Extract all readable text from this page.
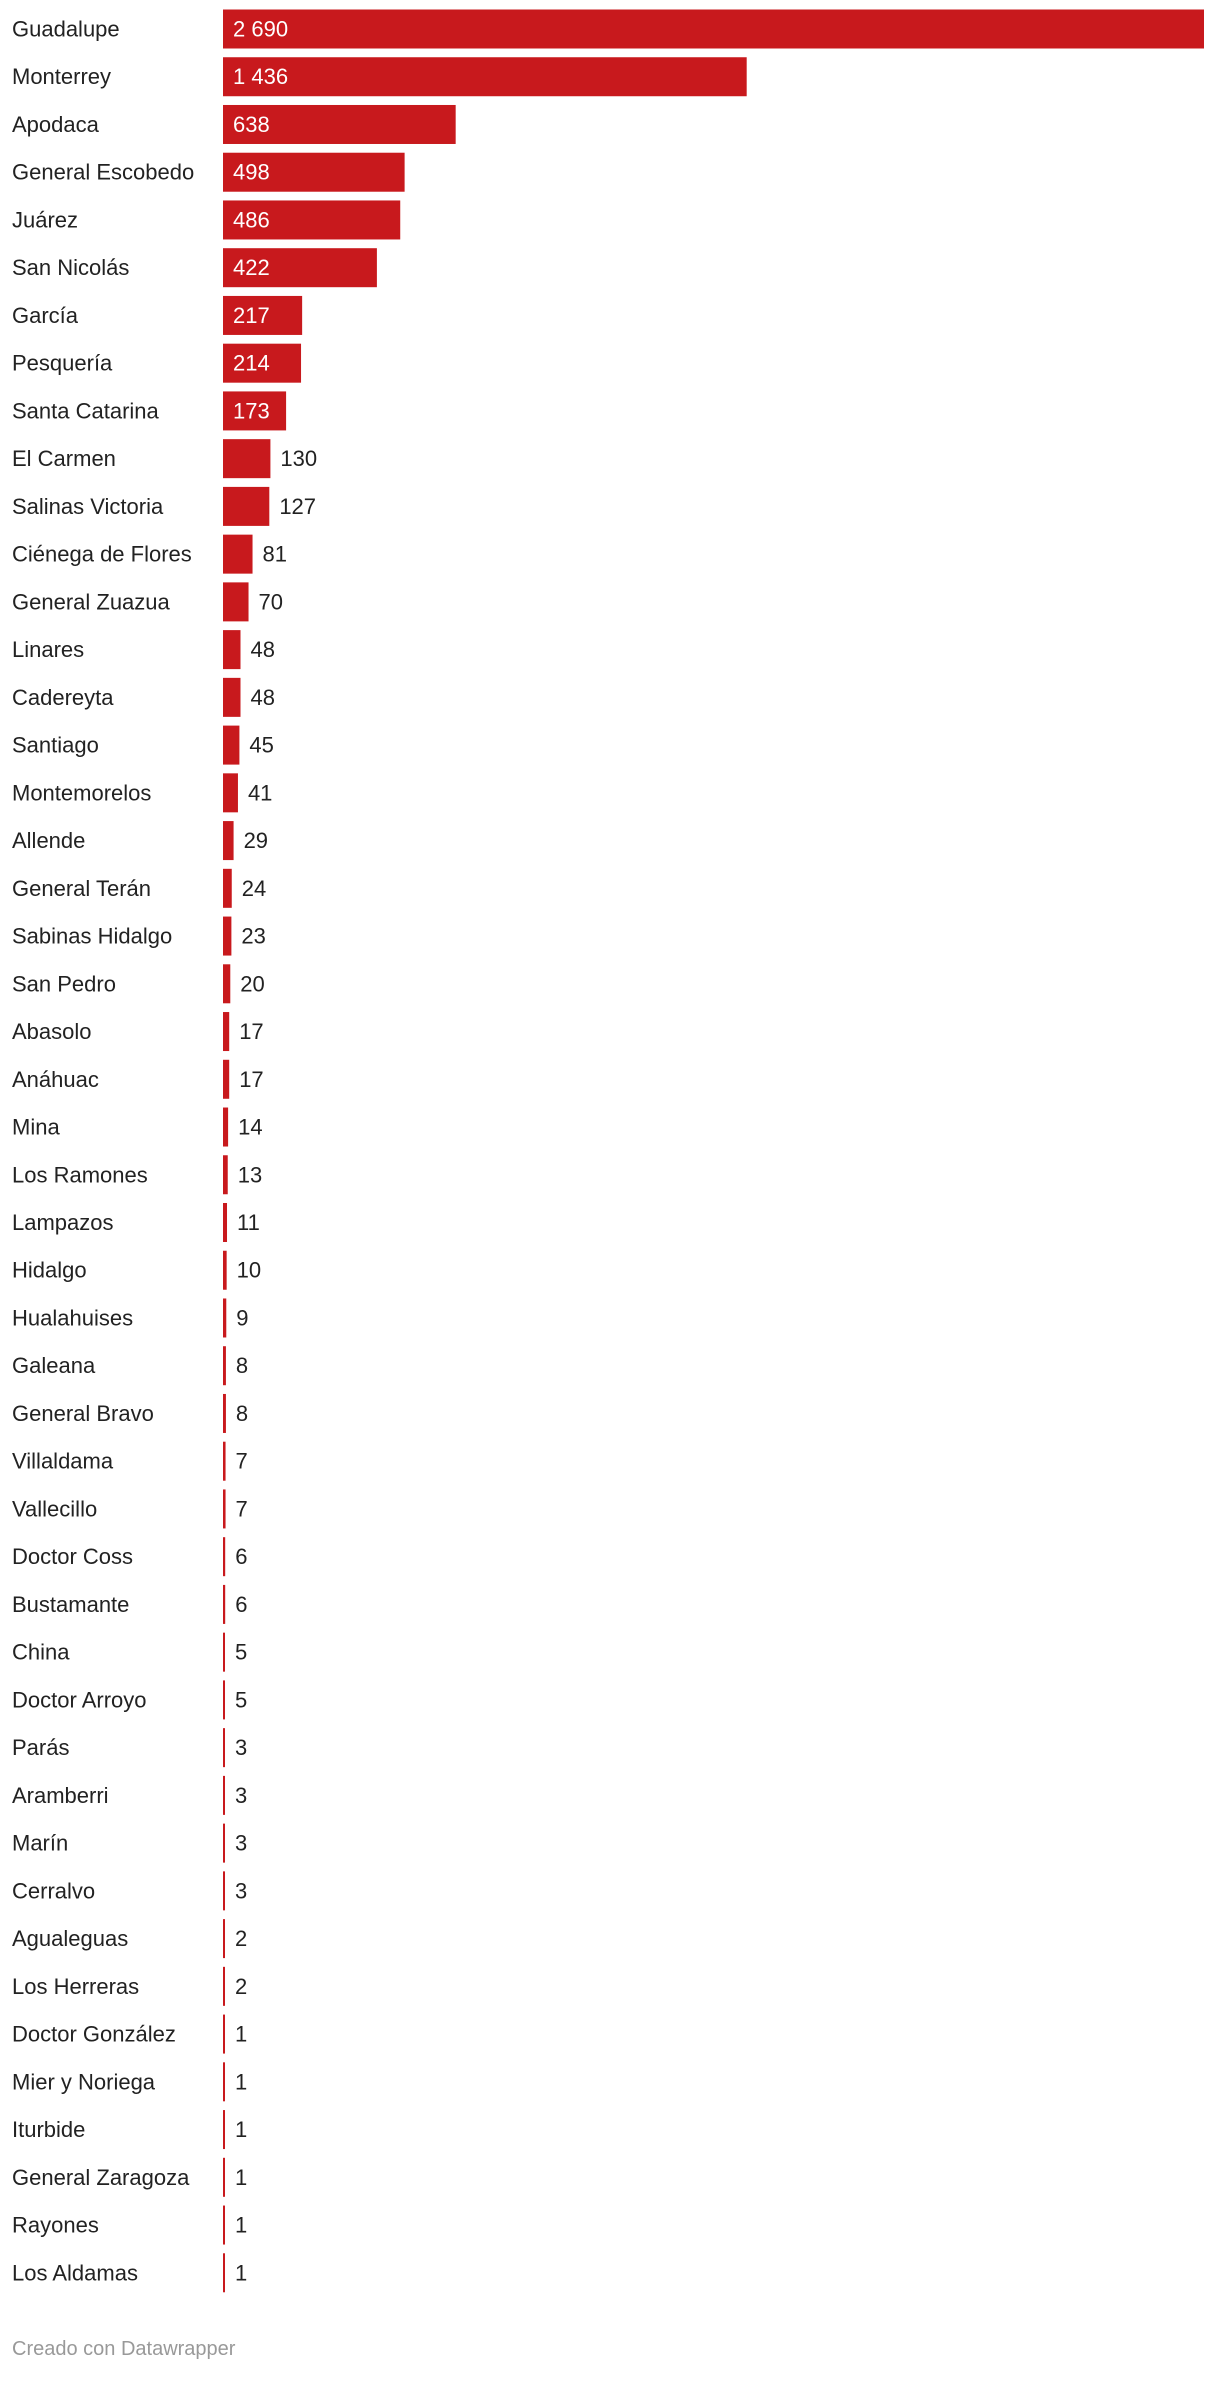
Guadalupe	2 690
Monterrey	1 436
Apodaca	638
General Escobedo 498
Juárez	486
San Nicolás	422
García	217
Pesquería	214
Santa Catarina	173
El Carmen	130
Salinas Victoria	127
Ciénega de Flores	81
General Zuazua	70
Linares	48
Cadereyta	48
Santiago	45
Montemorelos	41
Allende	29
General Terán	24
Sabinas Hidalgo	23
San Pedro	20
Abasolo	17
Anáhuac	17
Mina	14
Los Ramones	13
Lampazos	11
Hidalgo	10
Hualahuises	9
Galeana	8
General Bravo	8
Villaldama	7
Vallecillo	7
Doctor Coss	6
Bustamante	6
China	5
Doctor Arroyo	5
Parás	3
Aramberri	3
Marín	3
Cerralvo	3
Agualeguas	2
Los Herreras	2
Doctor González	1
Mier y Noriega	1
Iturbide	1
General Zaragoza 1
Rayones	1
Los Aldamas	1
Creado con Datawrapper
